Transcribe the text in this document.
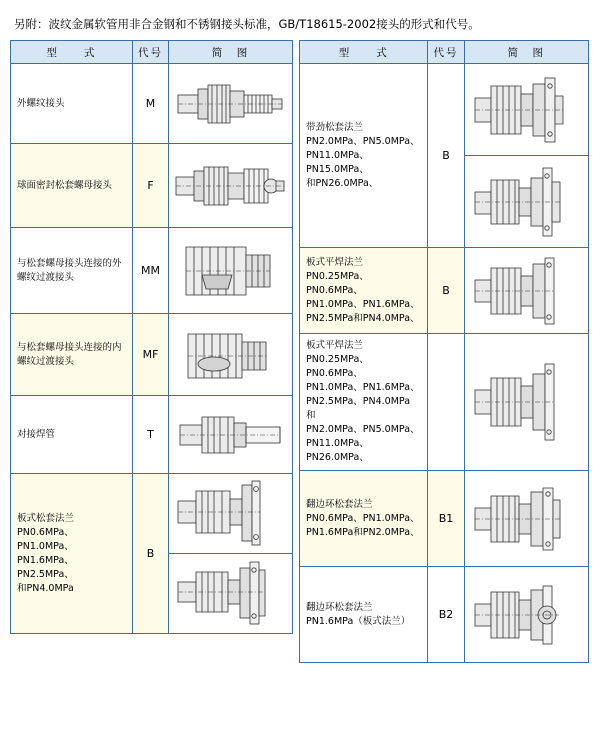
另附：波纹金属软管用非合金钢和不锈钢接头标准，GB/T18615-2002接头的形式和代号。
型　　式	代号	简　图

外螺纹接头	M	

球面密封松套螺母接头	F	

与松套螺母接头连接的外螺纹过渡接头	MM	

与松套螺母接头连接的内螺纹过渡接头	MF	

对接焊管	T	

板式松套法兰
PN0.6MPa、PN1.0MPa、
PN1.6MPa、PN2.5MPa、
和PN4.0MPa
	B	
型　　式	代号	简　图

带劲松套法兰
PN2.0MPa、PN5.0MPa、
PN11.0MPa、PN15.0MPa、
和PN26.0MPa、
	B	

板式平焊法兰
PN0.25MPa、PN0.6MPa、
PN1.0MPa、PN1.6MPa、
PN2.5MPa和PN4.0MPa、
	B	

板式平焊法兰
PN0.25MPa、PN0.6MPa、
PN1.0MPa、PN1.6MPa、
PN2.5MPa、PN4.0MPa 和
PN2.0MPa、PN5.0MPa、
PN11.0MPa、PN26.0MPa、

翻边环松套法兰
PN0.6MPa、PN1.0MPa、
PN1.6MPa和PN2.0MPa、
	B1	

翻边环松套法兰
PN1.6MPa（板式法兰）	B2	
